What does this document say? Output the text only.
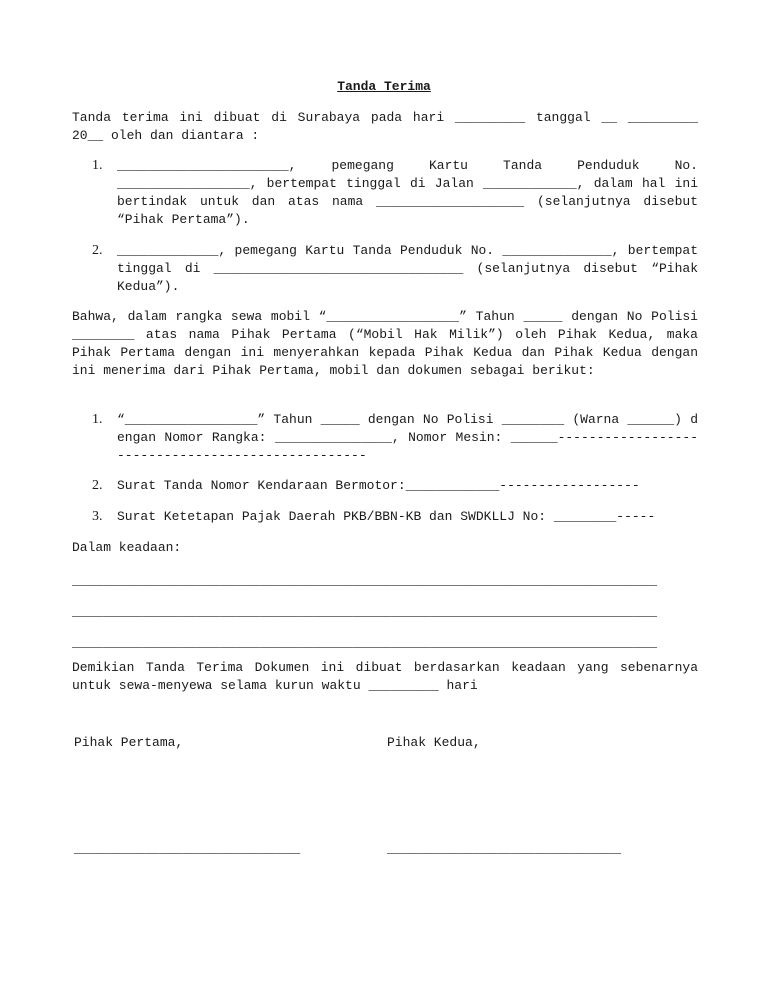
Tanda Terima
Tanda terima ini dibuat di Surabaya pada hari _________ tanggal __ _________ 20__ oleh dan diantara :
1. ______________________, pemegang Kartu Tanda Penduduk No. _________________, bertempat tinggal di Jalan ____________, dalam hal ini bertindak untuk dan atas nama ___________________ (selanjutnya disebut “Pihak Pertama”).
2. _____________, pemegang Kartu Tanda Penduduk No. ______________, bertempat tinggal di ________________________________ (selanjutnya disebut “Pihak Kedua”).
Bahwa, dalam rangka sewa mobil “_________________” Tahun _____ dengan No Polisi ________ atas nama Pihak Pertama (“Mobil Hak Milik”) oleh Pihak Kedua, maka Pihak Pertama dengan ini menyerahkan kepada Pihak Kedua dan Pihak Kedua dengan ini menerima dari Pihak Pertama, mobil dan dokumen sebagai berikut:
1. “_________________” Tahun _____ dengan No Polisi ________ (Warna ______) dengan Nomor Rangka: _______________, Nomor Mesin: ______--------------------------------------------------
2. Surat Tanda Nomor Kendaraan Bermotor:____________------------------
3. Surat Ketetapan Pajak Daerah PKB/BBN-KB dan SWDKLLJ No: ________-----
Dalam keadaan:
___________________________________________________________________________
___________________________________________________________________________
___________________________________________________________________________
Demikian Tanda Terima Dokumen ini dibuat berdasarkan keadaan yang sebenarnya untuk sewa-menyewa selama kurun waktu _________ hari
Pihak Pertama,	Pihak Kedua,
_____________________________	______________________________
